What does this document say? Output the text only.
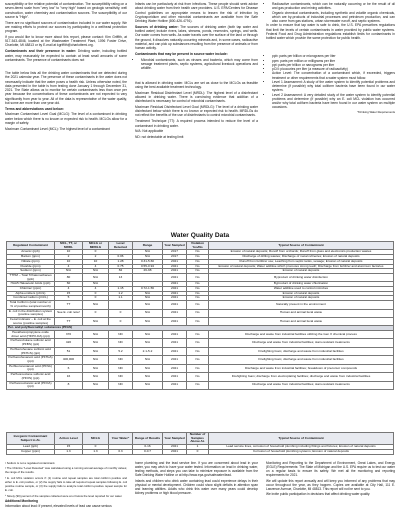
susceptibility or the relative potential of contamination. The susceptibility rating on a seven-tiered scale from "very low" to "very high" based on geologic sensitivity, well construction, water chemistry and contamination sources. The susceptibility of our source is "High".

There are no significant sources of contamination included in our water supply. We are making efforts to protect our sources by participating in a wellhead protection program.

If you would like to know more about this report, please contact: Kim Griffith, at 517-543-4846, located at the Wastewater Treatment Plant, 1096 Foster Drive, Charlotte, MI 48813 or by E-mail at kgriffith@charlottemi.org.

Contaminants and their presence in water: Drinking water, including bottled water, may reasonably be expected to contain at least small amounts of some contaminants. The presence of contaminants does not

The table below lists all the drinking water contaminants that we detected during the 2021 calendar year. The presence of these contaminants in the water does not necessarily indicate that the water poses a health risk. Unless otherwise noted, the data presented in the table is from testing done January 1 through December 31, 2021. The State allows us to monitor for certain contaminants less than once per year because the concentrations of these contaminants are not expected to vary significantly from year to year. All of the data is representative of the water quality, but some are more than one year old.

Terms and abbreviations used below:

Maximum Contaminant Level Goal (MCLG): The level of a contaminant in drinking water below which there is no known or expected risk to health. MCLGs allow for a margin of safety.

Maximum Contaminant Level (MCL): The highest level of a contaminant

Infants can be particularly at risk from infections. These people should seek advice about drinking water from their health care providers. U.S. EPA/Centers for Disease Control guidelines on appropriate means to lessen the risk of infection by Cryptosporidium and other microbial contaminants are available from the Safe Drinking Water Hotline (800-426-4791).

Sources of drinking water: The sources of drinking water (both tap water and bottled water) include rivers, lakes, streams, ponds, reservoirs, springs, and wells. Our water comes from wells. As water travels over the surface of the land or through the ground, it dissolves naturally-occurring minerals and, in some cases, radioactive material, and can pick up substances resulting from the presence of animals or from human activity.

Contaminants that may be present in source water include:

• Microbial contaminants, such as viruses and bacteria, which may come from sewage treatment plants, septic systems, agricultural livestock operations and wildlife.

that is allowed in drinking water. MCLs are set as close to the MCLGs as feasible using the best available treatment technology.

Maximum Residual Disinfectant Level (MRDL): The highest level of a disinfectant allowed in drinking water. There is convincing evidence that addition of a disinfectant is necessary for control of microbial contaminants.

Maximum Residual Disinfectant Level Goal (MRDLG): The level of a drinking water disinfectant below which there is no known or expected risk to health. MRDLGs do not reflect the benefits of the use of disinfectants to control microbial contaminants.

Treatment Technique (TT): A required process intended to reduce the level of a contaminant in drinking water.

N/A: Not applicable

ND: not detectable at testing limit

• Radioactive contaminants, which can be naturally occurring or be the result of oil and gas production and mining activities.
• Organic chemical contaminants, including synthetic and volatile organic chemicals, which are by-products of industrial processes and petroleum production, and can also come from gas stations, urban stormwater runoff, and septic systems.

In order to ensure that tap water is safe to drink, the U.S. EPA prescribes regulations that limit the levels of certain contaminants in water provided by public water systems. Federal Food and Drug Administration regulations establish limits for contaminants in bottled water which provide the same protection for public health.

• ppb: parts per billion or micrograms per liter
• ppm: parts per million or milligrams per liter
• ppt: parts per trillion or nanograms per liter
• pCi/l: picocuries per liter (a measure of radioactivity)
• Action Level: The concentration of a contaminant which, if exceeded, triggers treatment or other requirements that a water system must follow.
• Level 1 Assessment: A study of the water system to identify potential problems and determine (if possible) why total coliform bacteria have been found in our water system.
• Level 2 Assessment: A very detailed study of the water system to identify potential problems and determine (if possible) why an E. coli MCL violation has occurred and/or why total coliform bacteria have been found in our water system on multiple occasions.

*Drinking Water Requirements

Water Quality Data
Regulated Contaminant	MCL, TT, or MRDL	MCLG or MRDLG	Level Detected	Range	Year Sampled	Violation Yes/No	Typical Source of Contaminant
Arsenic (ppb)	10	0		N/A	2017	No	Erosion of natural deposits; Runoff from orchards; Runoff from glass and electronics production wastes
Barium (ppm)	2	2	0.06	N/A	2017	No	Discharge of drilling wastes; Discharge of metal refineries; Erosion of natural deposits
Nitrate (ppm)	10	10	1.28	0.31-5.60	2021	No	Runoff from fertilizer use; Leaching from septic tanks, sewage; Erosion of natural deposits
Fluoride (ppm)	4	4	0.75	0.55-0.94	2021	No	Erosion of natural deposits; Water additive which promotes strong teeth; Discharge from fertilizer and aluminum factories
Sodium¹ (ppm)	N/A	N/A	82	26-98	2021	No	Erosion of natural deposits
TTHM – Total Trihalomethanes (ppb)	80	N/A	13		2021	No	Byproduct of drinking water disinfection
HAA5 Haloacetic Acids (ppb)	60	N/A			2021	No	Byproduct of drinking water chlorination
Chlorine² (ppm)	4	4	1.15	0.72-1.56	2021	No	Water additive used to control microbes
Alpha emitters (pCi/L)	15	0	1.2	N/A	2021	No	Erosion of natural deposits
Combined radium (pCi/L)	5	0	1.1	N/A	2021	No	Erosion of natural deposits
Total Coliform (total number or % of positive samples/month)	TT	N/A		N/A	2021	No	Naturally present in the environment
E. coli in the distribution system (positive samples)	See E. coli note³	0	0	N/A	2021	No	Human and animal fecal waste
Fecal Indicator – E. coli at the source (positive samples)	TT	N/A	0	N/A	2021	No	Human and animal fecal waste
Per- and polyfluoroalkyl substances (PFAS)							
Hexafluoropropylene oxide dimer acid (HFPO-DA) (ppt)	370	N/A	ND	N/A	2021	No	Discharge and waste from industrial facilities utilizing the Gen X chemical process
Perfluorobutane sulfonic acid (PFBS) (ppt)	420	N/A	ND	N/A	2021	No	Discharge and waste from industrial facilities; stain-resistant treatments
Perfluorohexane sulfonic acid (PFHxS) (ppt)	51	N/A	5.2	2.1-5.2	2021	No	Firefighting foam; discharge and waste from industrial facilities
Perfluorohexanoic acid (PFHxA) (ppt)	400,000	N/A	ND	N/A	2021	No	Firefighting foam; discharge and waste from industrial facilities
Perfluorononanoic acid (PFNA) (ppt)	6	N/A	ND	N/A	2021	No	Discharge and waste from industrial facilities; breakdown of precursor compounds
Perfluorooctane sulfonic acid (PFOS) (ppt)	16	N/A	ND	N/A	2021	No	Firefighting foam; discharge from electroplating facilities; discharge and waste from industrial facilities
Perfluorooctanoic acid (PFOA) (ppt)	8	N/A	ND	N/A	2021	No	Discharge and waste from industrial facilities; stain-resistant treatments
Inorganic Contaminant Subject to AL	Action Level	MCLG	Your Water⁴	Range of Results	Year Sampled	Number of Samples Above AL	Typical Source of Contaminant
Lead (ppb)	15	0		0-16	2021	1	Lead service lines, corrosion of household plumbing including fittings and fixtures; Erosion of natural deposits
Copper (ppm)	1.3	1.3	0.3	0-0.7	2021	0	Corrosion of household plumbing systems; Erosion of natural deposits

¹ Sodium is not a regulated contaminant.

² The Chlorine "Level Detected" was calculated using a running annual average of monthly values; the range of the results.

³ E. coli MCL violation occurs if: (1) routine and repeat samples are total coliform positive and either is E. coli positive, or (2) the supply fails to take all required repeat samples following E. coli positive routine sample, or (3) the supply fails to analyze total coliform-positive repeat sample for E. coli.

⁴ Ninety (90) percent of the samples collected were at or below the level reported for our water.

Additional Monitoring

Information about lead: If present, elevated levels of lead can cause serious

home plumbing and the lead service line. If you are concerned about lead in your water, you may wish to have your water tested. Information on lead in drinking water, testing methods, and steps you can take to minimize exposure is available from the Safe Drinking Water Hotline or at http://www.epa.gov/safewater/lead.

Infants and children who drink water containing lead could experience delays in their physical or mental development. Children could show slight deficits in attention span and learning abilities. Adults who drink this water over many years could develop kidney problems or high blood pressure.

Monitoring and Reporting to the Department of Environment, Great Lakes, and Energy (EGLE) Requirements: The State of Michigan and the U.S. EPA require us to test our water on a regular basis to ensure its safety. We met all the monitoring and reporting requirements for 2021.

We will update this report annually and will keep you informed of any problems that may occur throughout the year, as they happen. Copies are available at City Hall, 111 E. Lawrence Avenue, Charlotte, MI 48813. This report will not be sent to you.

We invite public participation in decisions that affect drinking water quality.
